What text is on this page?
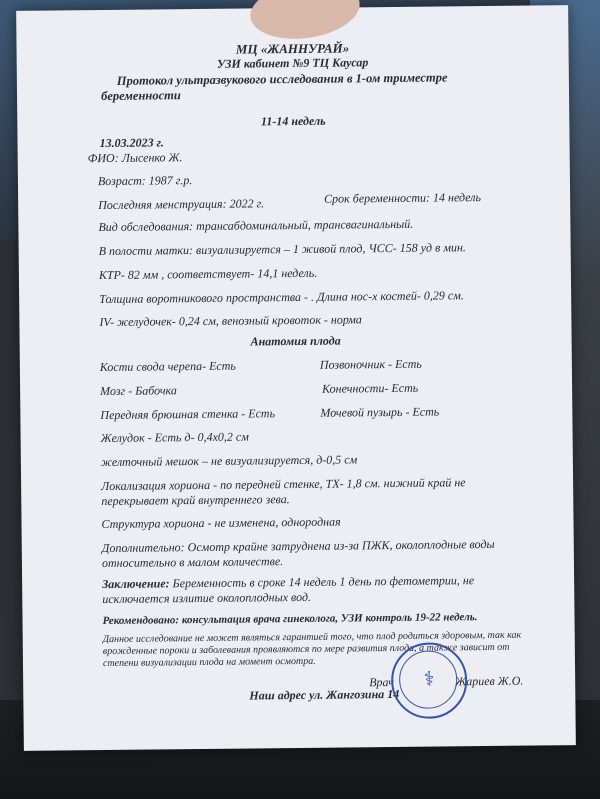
МЦ «ЖАННУРАЙ»
УЗИ кабинет №9 ТЦ Каусар
Протокол ультразвукового исследования в 1-ом триместре
беременности
11-14 недель
13.03.2023 г.
ФИО: Лысенко Ж.
Возраст: 1987 г.р.
Последняя менструация: 2022 г.	Срок беременности: 14 недель
Вид обследования: трансабдоминальный, трансвагинальный.
В полости матки: визуализируется – 1 живой плод, ЧСС- 158 уд в мин.
КТР- 82 мм , соответствует- 14,1 недель.
Толщина воротникового пространства - . Длина нос-х костей- 0,29 см.
IV- желудочек- 0,24 см, венозный кровоток - норма
Анатомия плода
Кости свода черепа- Есть	Позвоночник - Есть
Мозг - Бабочка	Конечности- Есть
Передняя брюшная стенка - Есть	Мочевой пузырь - Есть
Желудок - Есть д- 0,4x0,2 см
желточный мешок – не визуализируется, д-0,5 см
Локализация хориона - по передней стенке, ТХ- 1,8 см. нижний край не
перекрывает край внутреннего зева.
Структура хориона - не изменена, однородная
Дополнительно: Осмотр крайне затруднена из-за ПЖК, околоплодные воды
относительно в малом количестве.
Заключение: Беременность в сроке 14 недель 1 день по фетометрии, не
исключается излитие околоплодных вод.
Рекомендовано: консультация врача гинеколога, УЗИ контроль 19-22 недель.
Данное исследование не может являться гарантией того, что плод родиться здоровым, так как
врожденные пороки и заболевания проявляются по мере развития плода, а также зависит от
степени визуализации плода на момент осмотра.
Врач	Жариев Ж.О.
Наш адрес ул. Жангозина 14
⚕
